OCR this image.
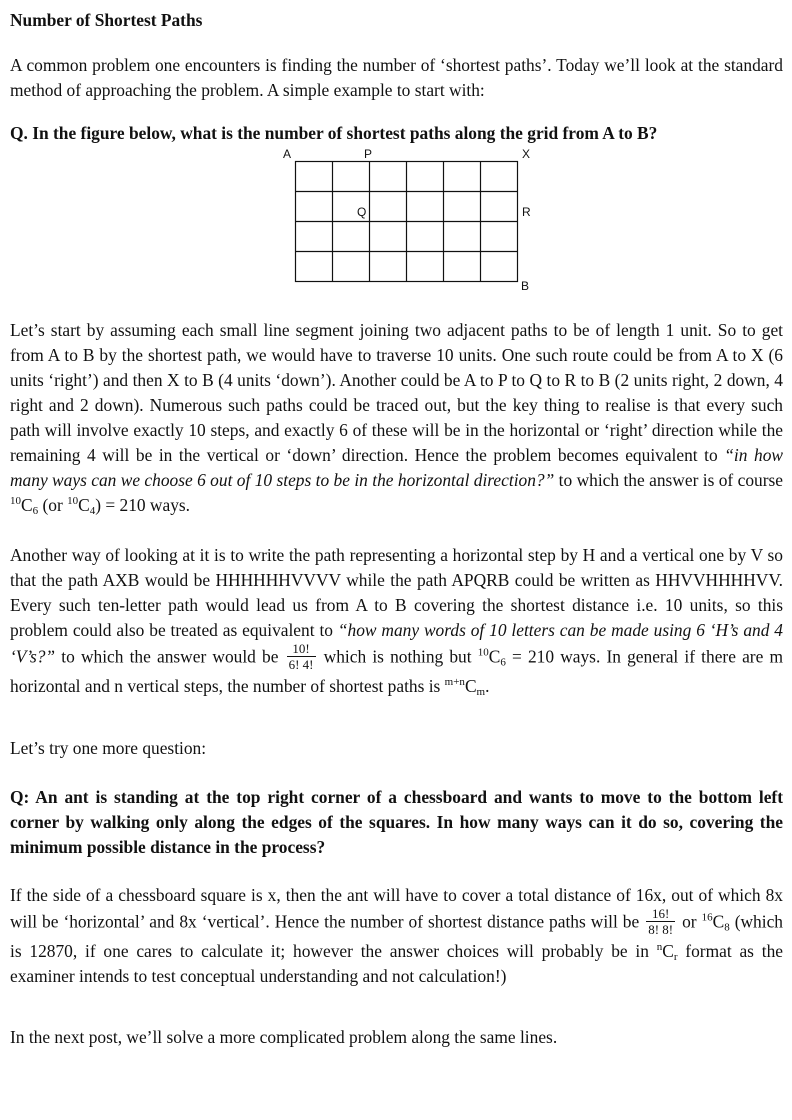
Number of Shortest Paths
A common problem one encounters is finding the number of ‘shortest paths’. Today we’ll look at the standard method of approaching the problem. A simple example to start with:
Q. In the figure below, what is the number of shortest paths along the grid from A to B?
A	P	X
Q	R
B
Let’s start by assuming each small line segment joining two adjacent paths to be of length 1 unit. So to get from A to B by the shortest path, we would have to traverse 10 units. One such route could be from A to X (6 units ‘right’) and then X to B (4 units ‘down’). Another could be A to P to Q to R to B (2 units right, 2 down, 4 right and 2 down). Numerous such paths could be traced out, but the key thing to realise is that every such path will involve exactly 10 steps, and exactly 6 of these will be in the horizontal or ‘right’ direction while the remaining 4 will be in the vertical or ‘down’ direction. Hence the problem becomes equivalent to “in how many ways can we choose 6 out of 10 steps to be in the horizontal direction?” to which the answer is of course $^{10}C_6$ (or $^{10}C_4) = 210$ ways.
Another way of looking at it is to write the path representing a horizontal step by H and a vertical one by V so that the path AXB would be HHHHHHVVVV while the path APQRB could be written as HHVVHHHHVV. Every such ten-letter path would lead us from A to B covering the shortest distance i.e. 10 units, so this problem could also be treated as equivalent to “how many words of 10 letters can be made using 6 ‘H’s and 4 ‘V’s?” to which the answer would be $\frac{10!}{6! 4!}$ which is nothing but $^{10}C_6 = 210$ ways. In general if there are m horizontal and n vertical steps, the number of shortest paths is $^{m+n}C_m$.
Let’s try one more question:
Q: An ant is standing at the top right corner of a chessboard and wants to move to the bottom left corner by walking only along the edges of the squares. In how many ways can it do so, covering the minimum possible distance in the process?
If the side of a chessboard square is x, then the ant will have to cover a total distance of 16x, out of which 8x will be ‘horizontal’ and 8x ‘vertical’. Hence the number of shortest distance paths will be $\frac{16!}{8! 8!}$ or $^{16}C_8$ (which is 12870, if one cares to calculate it; however the answer choices will probably be in $^nC_r$ format as the examiner intends to test conceptual understanding and not calculation!)
In the next post, we’ll solve a more complicated problem along the same lines.
